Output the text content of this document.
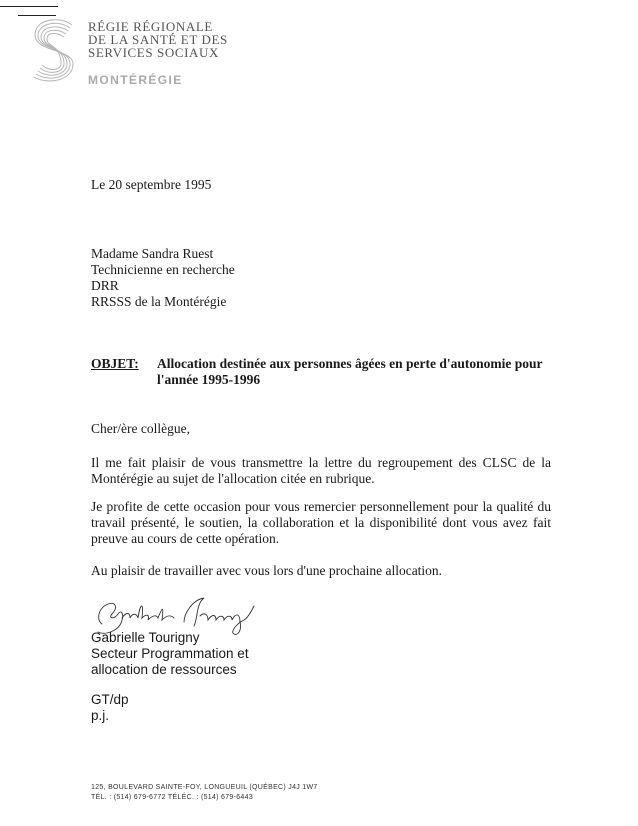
RÉGIE RÉGIONALE
DE LA SANTÉ ET DES
SERVICES SOCIAUX
MONTÉRÉGIE
Le 20 septembre 1995
Madame Sandra Ruest
Technicienne en recherche
DRR
RRSSS de la Montérégie
OBJET: Allocation destinée aux personnes âgées en perte d'autonomie pour l'année 1995-1996
Cher/ère collègue,
Il me fait plaisir de vous transmettre la lettre du regroupement des CLSC de la Montérégie au sujet de l'allocation citée en rubrique.
Je profite de cette occasion pour vous remercier personnellement pour la qualité du travail présenté, le soutien, la collaboration et la disponibilité dont vous avez fait preuve au cours de cette opération.
Au plaisir de travailler avec vous lors d'une prochaine allocation.
Gabrielle Tourigny
Secteur Programmation et
allocation de ressources
GT/dp
p.j.
125, BOULEVARD SAINTE-FOY, LONGUEUIL (QUÉBEC) J4J 1W7
TÉL. : (514) 679-6772 TÉLÉC. : (514) 679-6443
